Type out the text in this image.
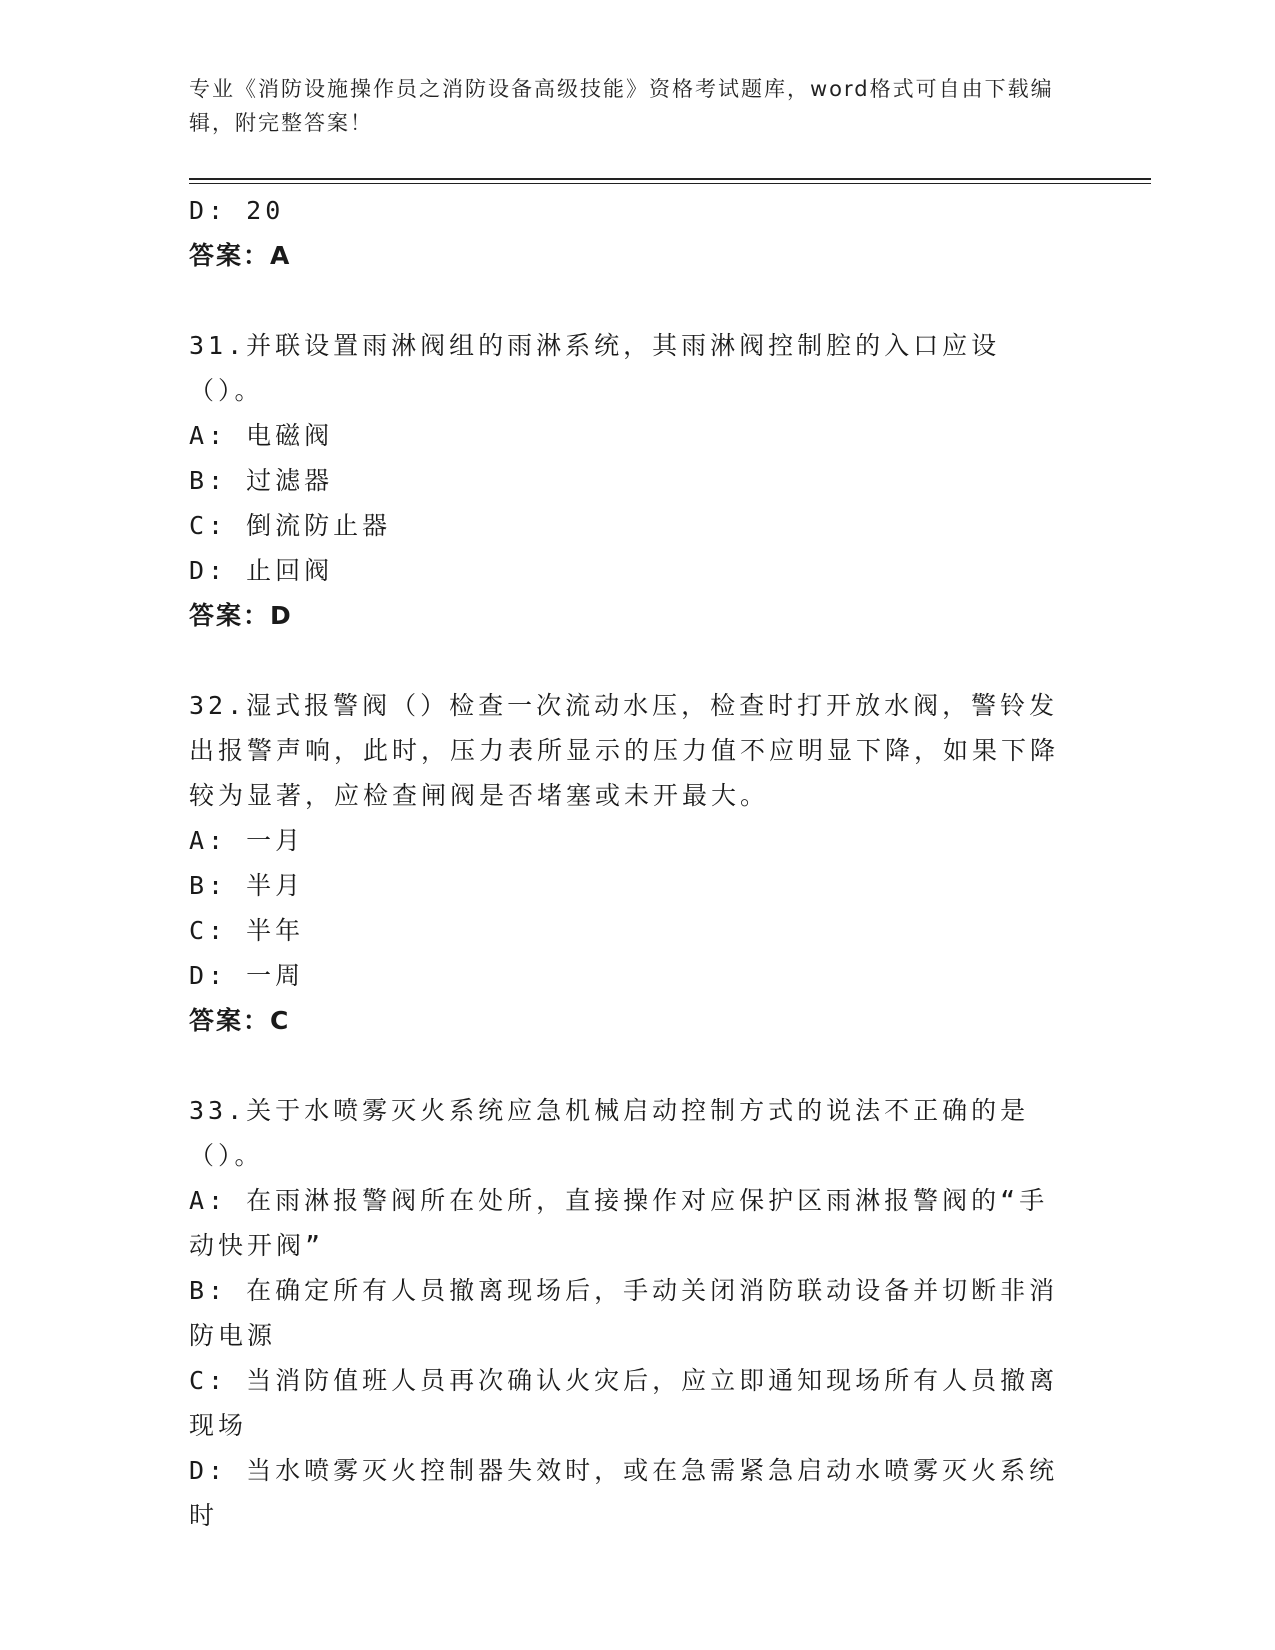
专业《消防设施操作员之消防设备高级技能》资格考试题库，word格式可自由下载编辑，附完整答案！

D: 20

答案：A

31.并联设置雨淋阀组的雨淋系统，其雨淋阀控制腔的入口应设（）。

A: 电磁阀

B: 过滤器

C: 倒流防止器

D: 止回阀

答案：D

32.湿式报警阀（）检查一次流动水压，检查时打开放水阀，警铃发出报警声响，此时，压力表所显示的压力值不应明显下降，如果下降较为显著，应检查闸阀是否堵塞或未开最大。

A: 一月

B: 半月

C: 半年

D: 一周

答案：C

33.关于水喷雾灭火系统应急机械启动控制方式的说法不正确的是（）。

A: 在雨淋报警阀所在处所，直接操作对应保护区雨淋报警阀的“手动快开阀”

B: 在确定所有人员撤离现场后，手动关闭消防联动设备并切断非消防电源

C: 当消防值班人员再次确认火灾后，应立即通知现场所有人员撤离现场

D: 当水喷雾灭火控制器失效时，或在急需紧急启动水喷雾灭火系统时
